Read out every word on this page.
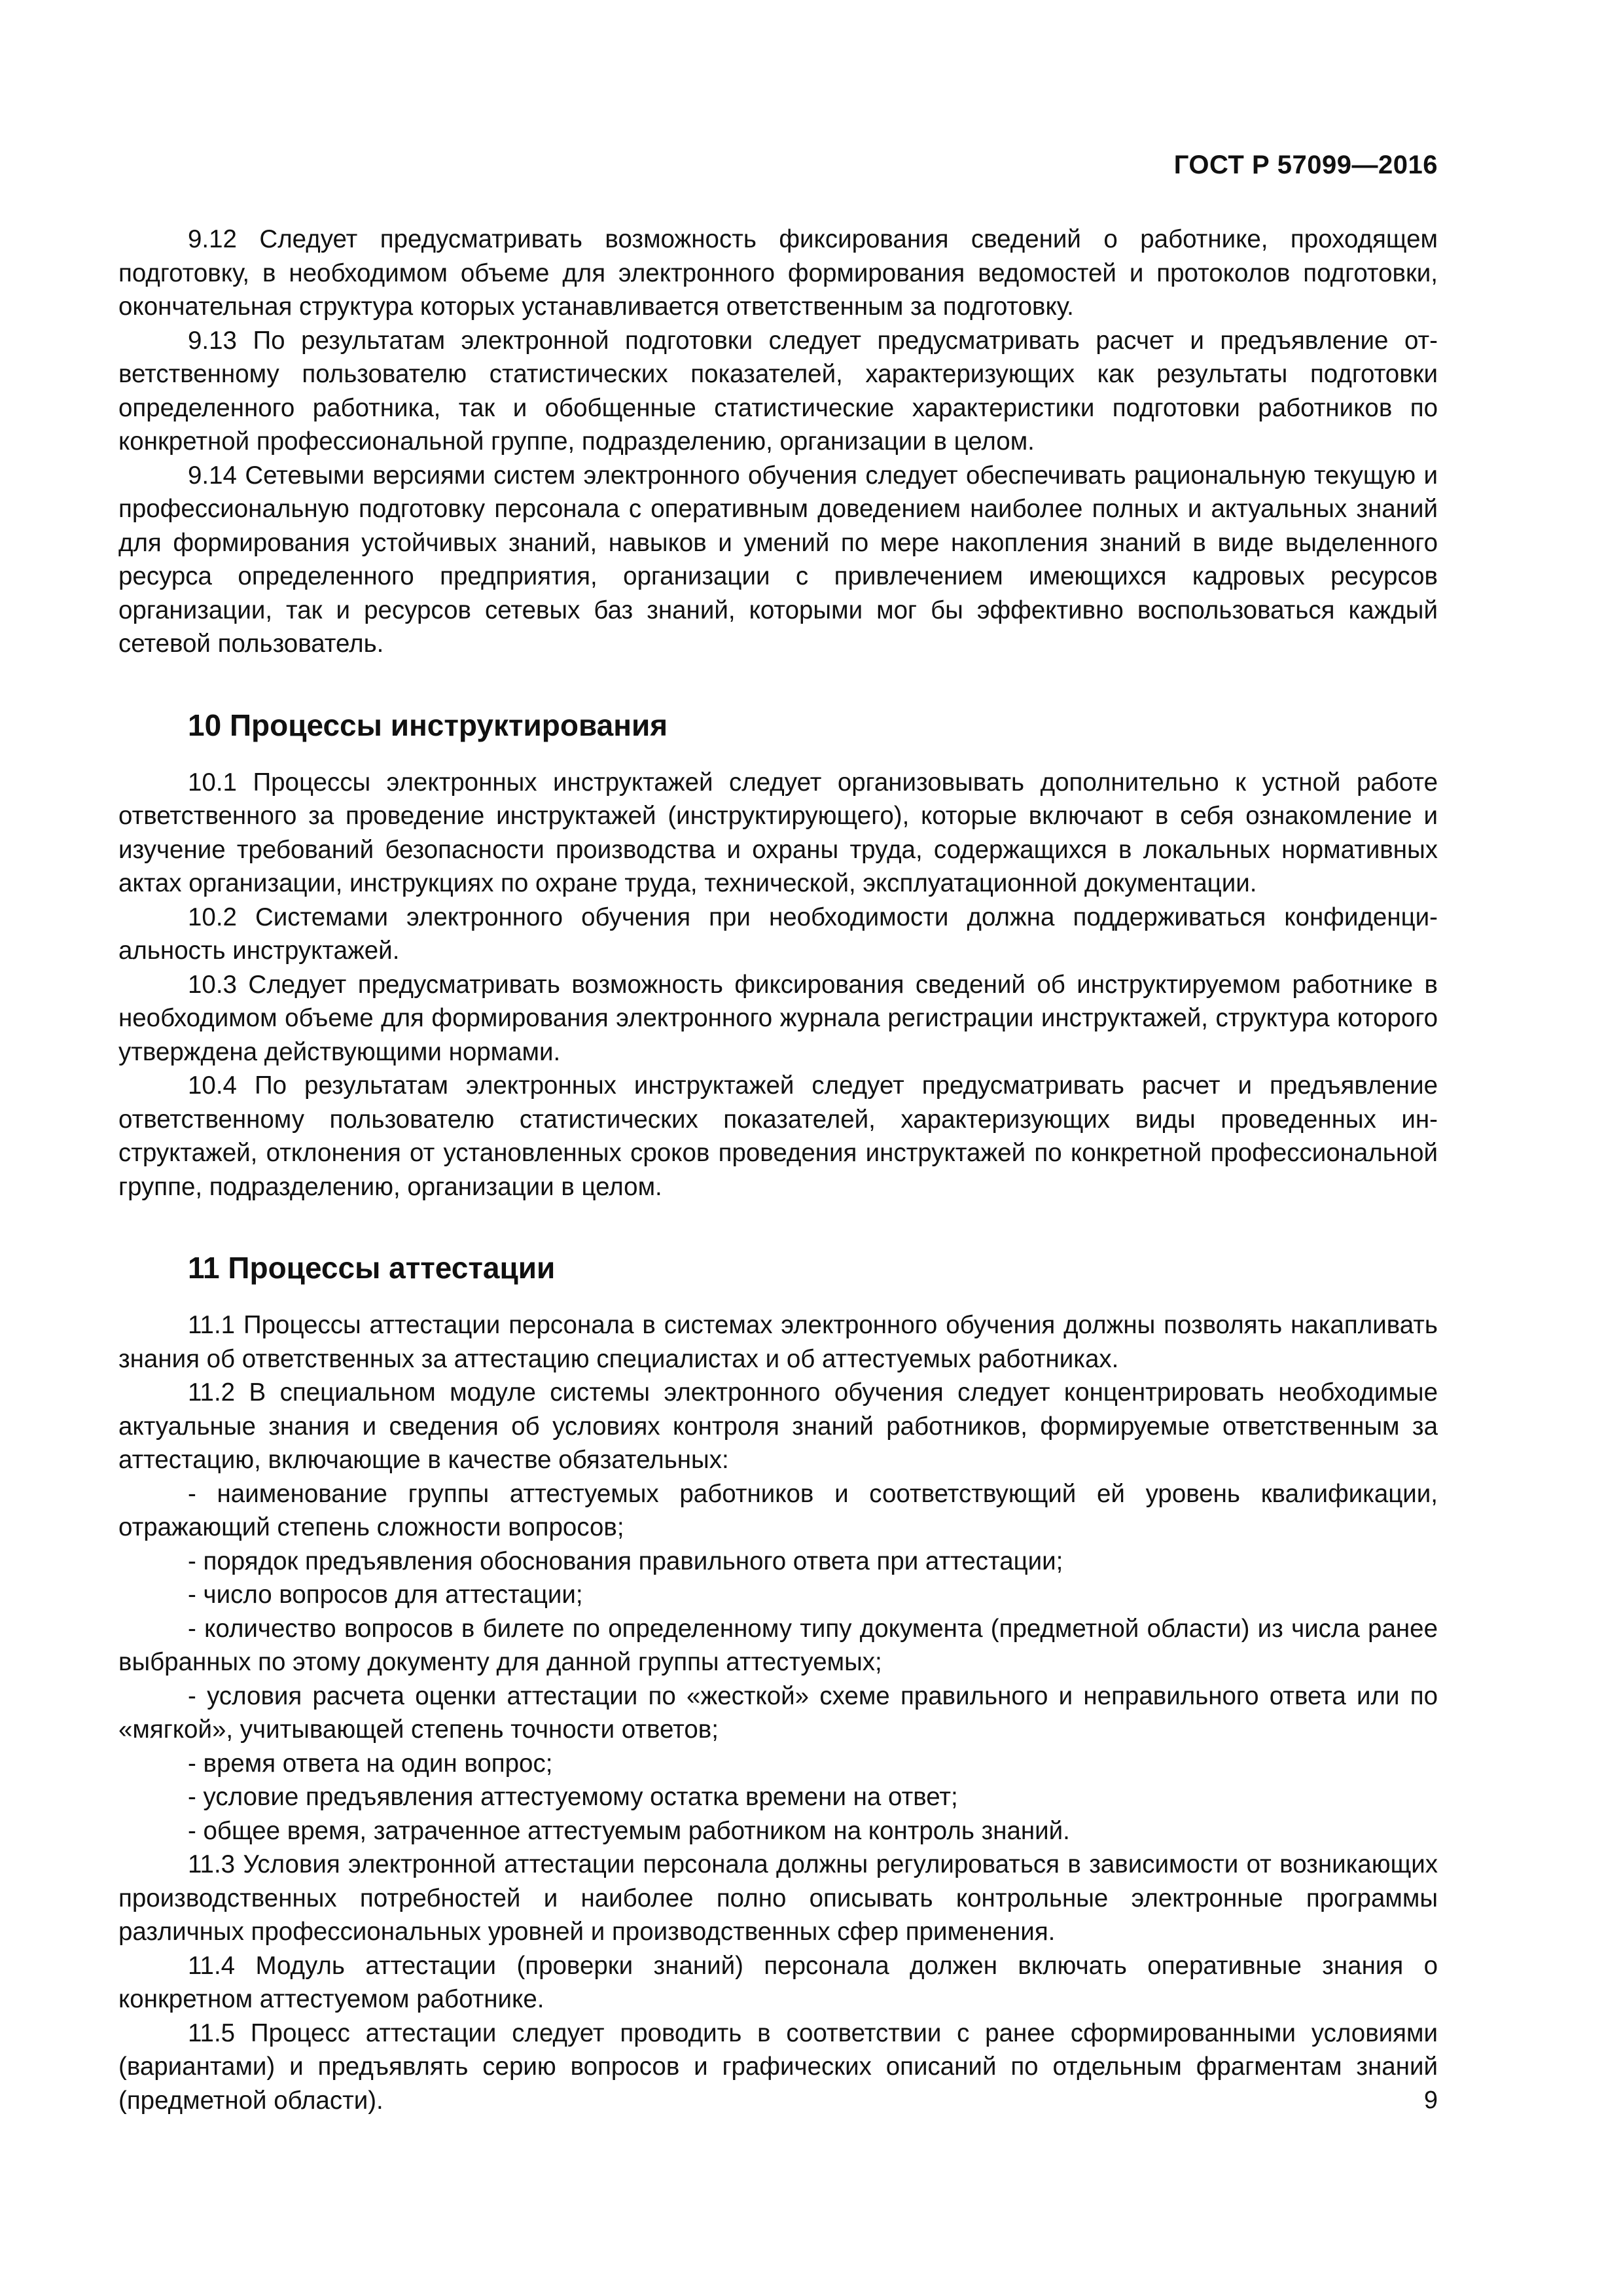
ГОСТ Р 57099—2016

9.12 Следует предусматривать возможность фиксирования сведений о работнике, проходящем подготовку, в необходимом объеме для электронного формирования ведомостей и протоколов подготовки, окончательная структура которых устанавливается ответственным за подготовку.

9.13 По результатам электронной подготовки следует предусматривать расчет и предъявление ответственному пользователю статистических показателей, характеризующих как результаты подготовки определенного работника, так и обобщенные статистические характеристики подготовки работников по конкретной профессиональной группе, подразделению, организации в целом.

9.14 Сетевыми версиями систем электронного обучения следует обеспечивать рациональную текущую и профессиональную подготовку персонала с оперативным доведением наиболее полных и актуальных знаний для формирования устойчивых знаний, навыков и умений по мере накопления знаний в виде выделенного ресурса определенного предприятия, организации с привлечением имеющихся кадровых ресурсов организации, так и ресурсов сетевых баз знаний, которыми мог бы эффективно воспользоваться каждый сетевой пользователь.

10 Процессы инструктирования

10.1 Процессы электронных инструктажей следует организовывать дополнительно к устной работе ответственного за проведение инструктажей (инструктирующего), которые включают в себя ознакомление и изучение требований безопасности производства и охраны труда, содержащихся в локальных нормативных актах организации, инструкциях по охране труда, технической, эксплуатационной документации.

10.2 Системами электронного обучения при необходимости должна поддерживаться конфиденциальность инструктажей.

10.3 Следует предусматривать возможность фиксирования сведений об инструктируемом работнике в необходимом объеме для формирования электронного журнала регистрации инструктажей, структура которого утверждена действующими нормами.

10.4 По результатам электронных инструктажей следует предусматривать расчет и предъявление ответственному пользователю статистических показателей, характеризующих виды проведенных инструктажей, отклонения от установленных сроков проведения инструктажей по конкретной профессиональной группе, подразделению, организации в целом.

11 Процессы аттестации

11.1 Процессы аттестации персонала в системах электронного обучения должны позволять накапливать знания об ответственных за аттестацию специалистах и об аттестуемых работниках.

11.2 В специальном модуле системы электронного обучения следует концентрировать необходимые актуальные знания и сведения об условиях контроля знаний работников, формируемые ответственным за аттестацию, включающие в качестве обязательных:

- наименование группы аттестуемых работников и соответствующий ей уровень квалификации, отражающий степень сложности вопросов;

- порядок предъявления обоснования правильного ответа при аттестации;

- число вопросов для аттестации;

- количество вопросов в билете по определенному типу документа (предметной области) из числа ранее выбранных по этому документу для данной группы аттестуемых;

- условия расчета оценки аттестации по «жесткой» схеме правильного и неправильного ответа или по «мягкой», учитывающей степень точности ответов;

- время ответа на один вопрос;

- условие предъявления аттестуемому остатка времени на ответ;

- общее время, затраченное аттестуемым работником на контроль знаний.

11.3 Условия электронной аттестации персонала должны регулироваться в зависимости от возникающих производственных потребностей и наиболее полно описывать контрольные электронные программы различных профессиональных уровней и производственных сфер применения.

11.4 Модуль аттестации (проверки знаний) персонала должен включать оперативные знания о конкретном аттестуемом работнике.

11.5 Процесс аттестации следует проводить в соответствии с ранее сформированными условиями (вариантами) и предъявлять серию вопросов и графических описаний по отдельным фрагментам знаний (предметной области).	9
